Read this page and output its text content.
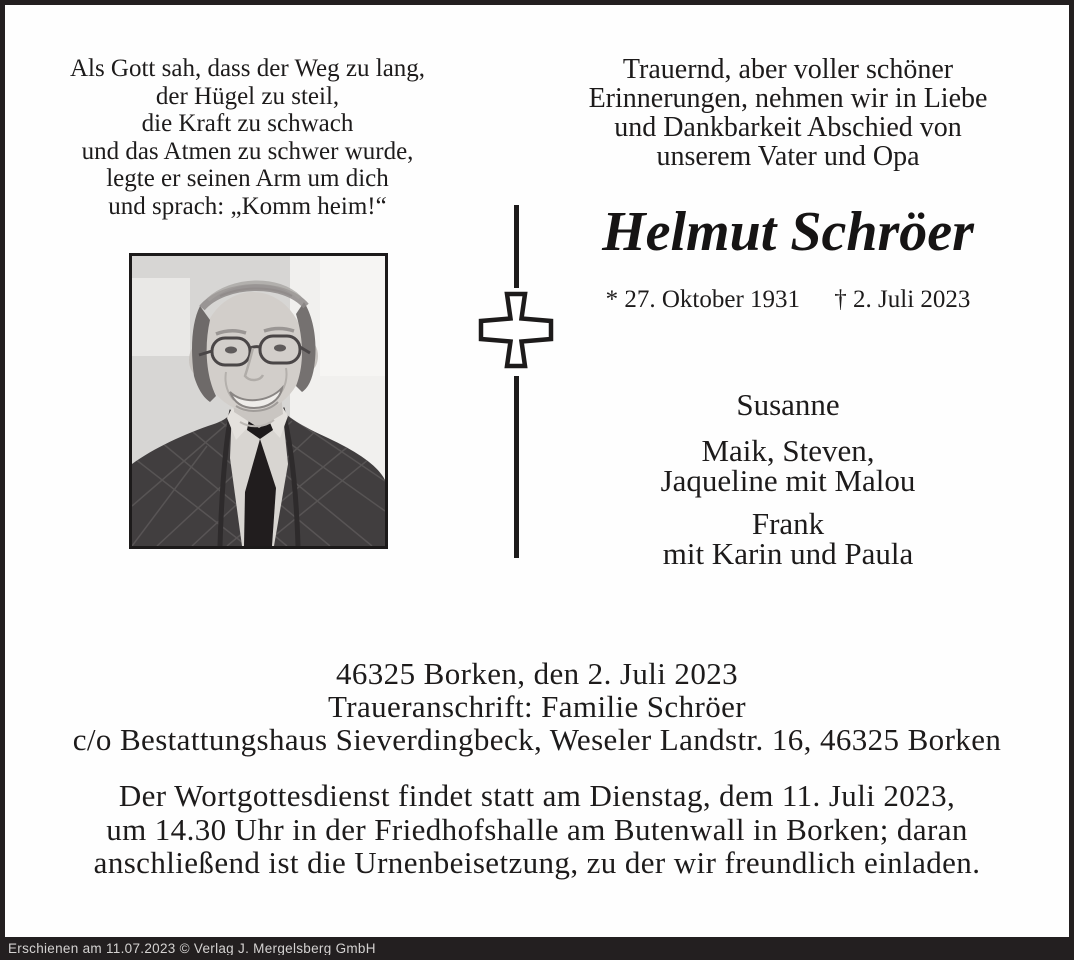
Als Gott sah, dass der Weg zu lang,
der Hügel zu steil,
die Kraft zu schwach
und das Atmen zu schwer wurde,
legte er seinen Arm um dich
und sprach: „Komm heim!“
Trauernd, aber voller schöner
Erinnerungen, nehmen wir in Liebe
und Dankbarkeit Abschied von
unserem Vater und Opa
Helmut Schröer
* 27. Oktober 1931 † 2. Juli 2023
Susanne
Maik, Steven,
Jaqueline mit Malou
Frank
mit Karin und Paula
46325 Borken, den 2. Juli 2023
Traueranschrift: Familie Schröer
c/o Bestattungshaus Sieverdingbeck, Weseler Landstr. 16, 46325 Borken
Der Wortgottesdienst findet statt am Dienstag, dem 11. Juli 2023,
um 14.30 Uhr in der Friedhofshalle am Butenwall in Borken; daran
anschließend ist die Urnenbeisetzung, zu der wir freundlich einladen.
Erschienen am 11.07.2023 © Verlag J. Mergelsberg GmbH
